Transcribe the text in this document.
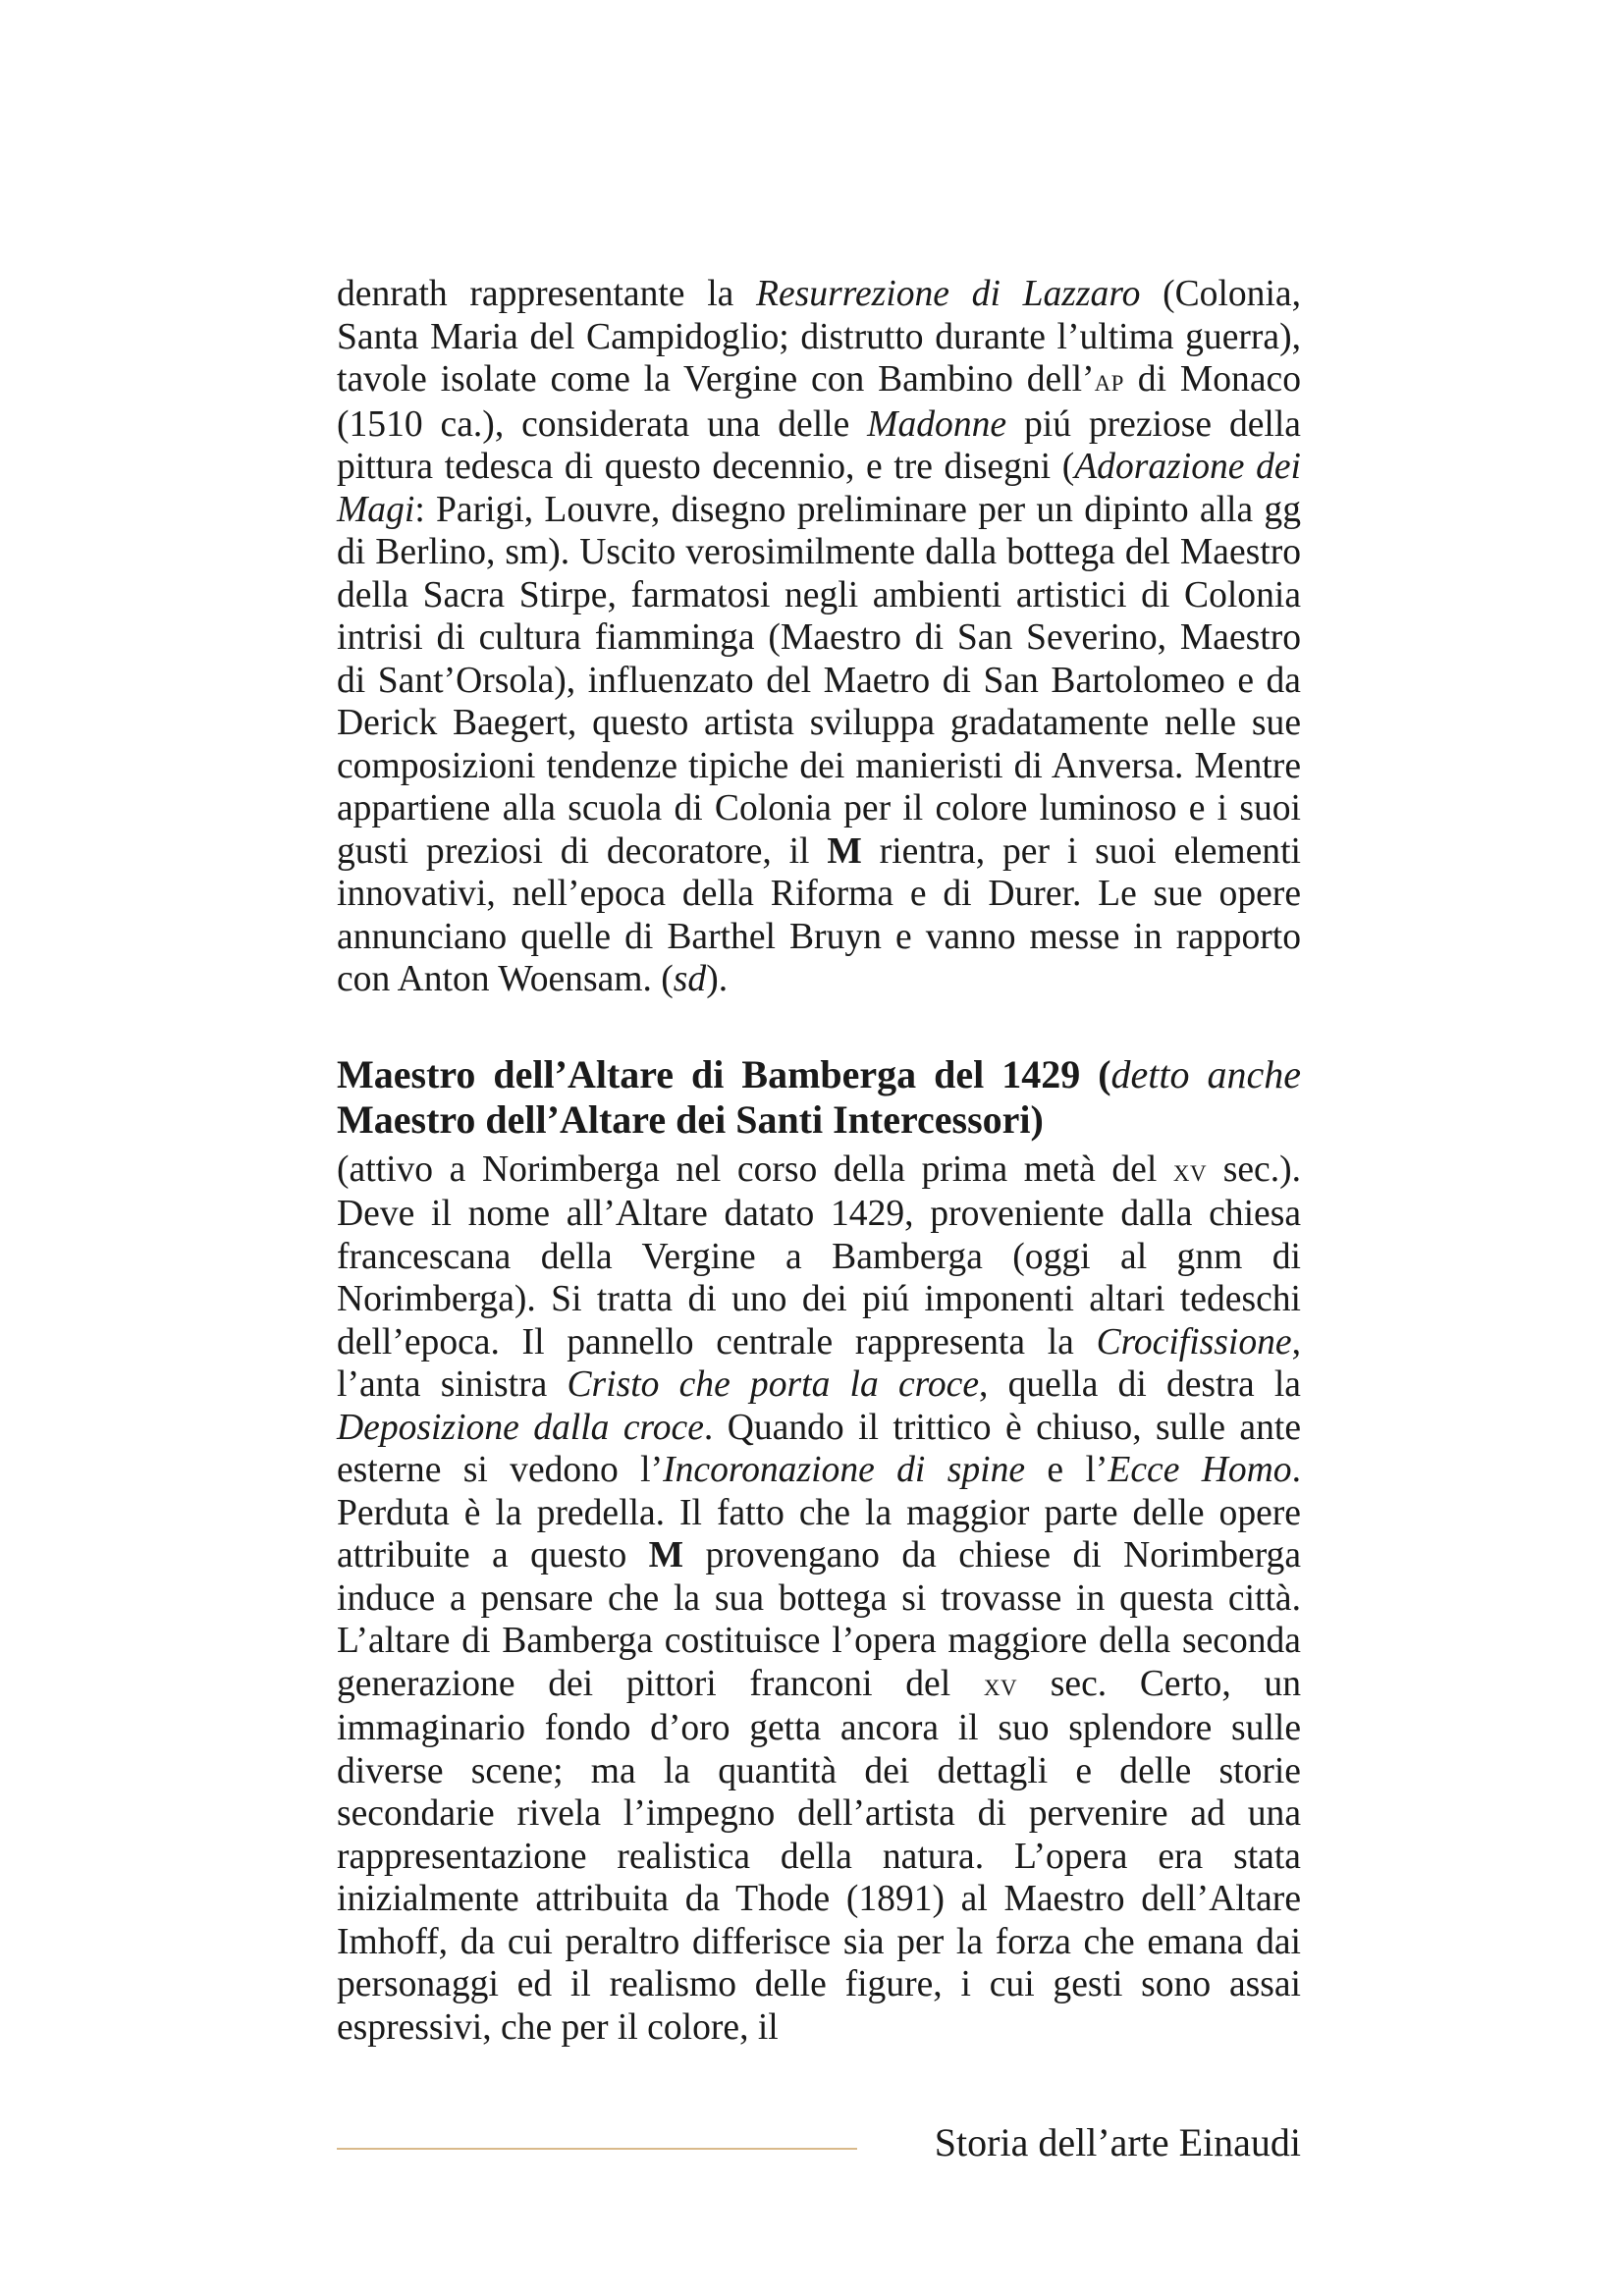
denrath rappresentante la Resurrezione di Lazzaro (Colonia, Santa Maria del Campidoglio; distrutto durante l’ultima guerra), tavole isolate come la Vergine con Bambino dell’ap di Monaco (1510 ca.), considerata una delle Madonne piú preziose della pittura tedesca di questo decennio, e tre disegni (Adorazione dei Magi: Parigi, Louvre, disegno preliminare per un dipinto alla gg di Berlino, sm). Uscito verosimilmente dalla bottega del Maestro della Sacra Stirpe, farmatosi negli ambienti artistici di Colonia intrisi di cultura fiamminga (Maestro di San Severino, Maestro di Sant’Orsola), influenzato del Maetro di San Bartolomeo e da Derick Baegert, questo artista sviluppa gradatamente nelle sue composizioni tendenze tipiche dei manieristi di Anversa. Mentre appartiene alla scuola di Colonia per il colore luminoso e i suoi gusti preziosi di decoratore, il M rientra, per i suoi elementi innovativi, nell’epoca della Riforma e di Durer. Le sue opere annunciano quelle di Barthel Bruyn e vanno messe in rapporto con Anton Woensam. (sd).

Maestro dell’Altare di Bamberga del 1429 (detto anche Maestro dell’Altare dei Santi Intercessori)

(attivo a Norimberga nel corso della prima metà del xv sec.). Deve il nome all’Altare datato 1429, proveniente dalla chiesa francescana della Vergine a Bamberga (oggi al gnm di Norimberga). Si tratta di uno dei piú imponenti altari tedeschi dell’epoca. Il pannello centrale rappresenta la Crocifissione, l’anta sinistra Cristo che porta la croce, quella di destra la Deposizione dalla croce. Quando il trittico è chiuso, sulle ante esterne si vedono l’Incoronazione di spine e l’Ecce Homo. Perduta è la predella. Il fatto che la maggior parte delle opere attribuite a questo M provengano da chiese di Norimberga induce a pensare che la sua bottega si trovasse in questa città. L’altare di Bamberga costituisce l’opera maggiore della seconda generazione dei pittori franconi del xv sec. Certo, un immaginario fondo d’oro getta ancora il suo splendore sulle diverse scene; ma la quantità dei dettagli e delle storie secondarie rivela l’impegno dell’artista di pervenire ad una rappresentazione realistica della natura. L’opera era stata inizialmente attribuita da Thode (1891) al Maestro dell’Altare Imhoff, da cui peraltro differisce sia per la forza che emana dai personaggi ed il realismo delle figure, i cui gesti sono assai espressivi, che per il colore, il

Storia dell’arte Einaudi
